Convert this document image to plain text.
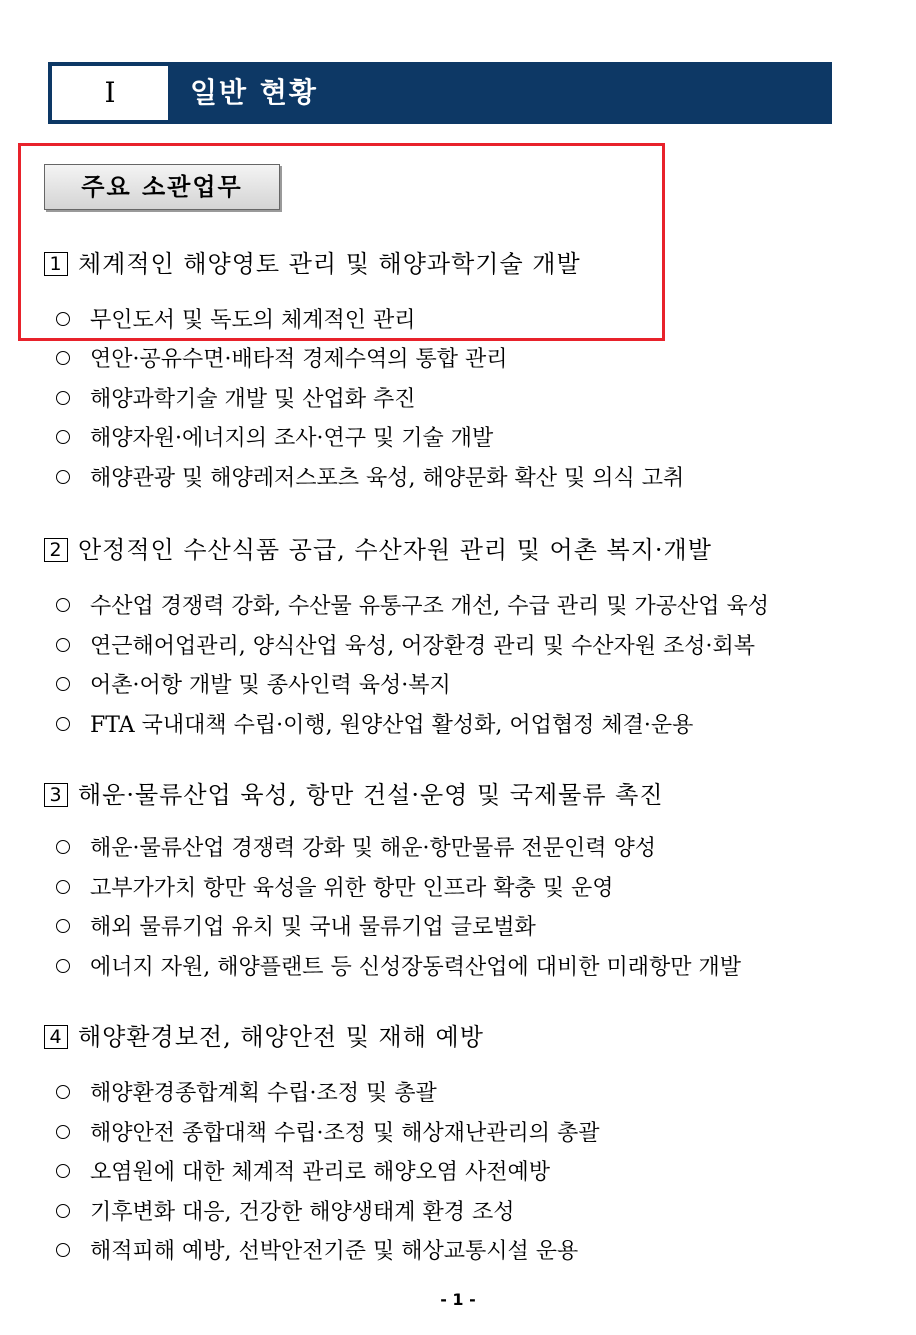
Ⅰ	일반 현황
주요 소관업무
1 체계적인 해양영토 관리 및 해양과학기술 개발
무인도서 및 독도의 체계적인 관리
연안·공유수면·배타적 경제수역의 통합 관리
해양과학기술 개발 및 산업화 추진
해양자원·에너지의 조사·연구 및 기술 개발
해양관광 및 해양레저스포츠 육성, 해양문화 확산 및 의식 고취
2 안정적인 수산식품 공급, 수산자원 관리 및 어촌 복지·개발
수산업 경쟁력 강화, 수산물 유통구조 개선, 수급 관리 및 가공산업 육성
연근해어업관리, 양식산업 육성, 어장환경 관리 및 수산자원 조성·회복
어촌·어항 개발 및 종사인력 육성·복지
FTA 국내대책 수립·이행, 원양산업 활성화, 어업협정 체결·운용
3 해운·물류산업 육성, 항만 건설·운영 및 국제물류 촉진
해운·물류산업 경쟁력 강화 및 해운·항만물류 전문인력 양성
고부가가치 항만 육성을 위한 항만 인프라 확충 및 운영
해외 물류기업 유치 및 국내 물류기업 글로벌화
에너지 자원, 해양플랜트 등 신성장동력산업에 대비한 미래항만 개발
4 해양환경보전, 해양안전 및 재해 예방
해양환경종합계획 수립·조정 및 총괄
해양안전 종합대책 수립·조정 및 해상재난관리의 총괄
오염원에 대한 체계적 관리로 해양오염 사전예방
기후변화 대응, 건강한 해양생태계 환경 조성
해적피해 예방, 선박안전기준 및 해상교통시설 운용
- 1 -
